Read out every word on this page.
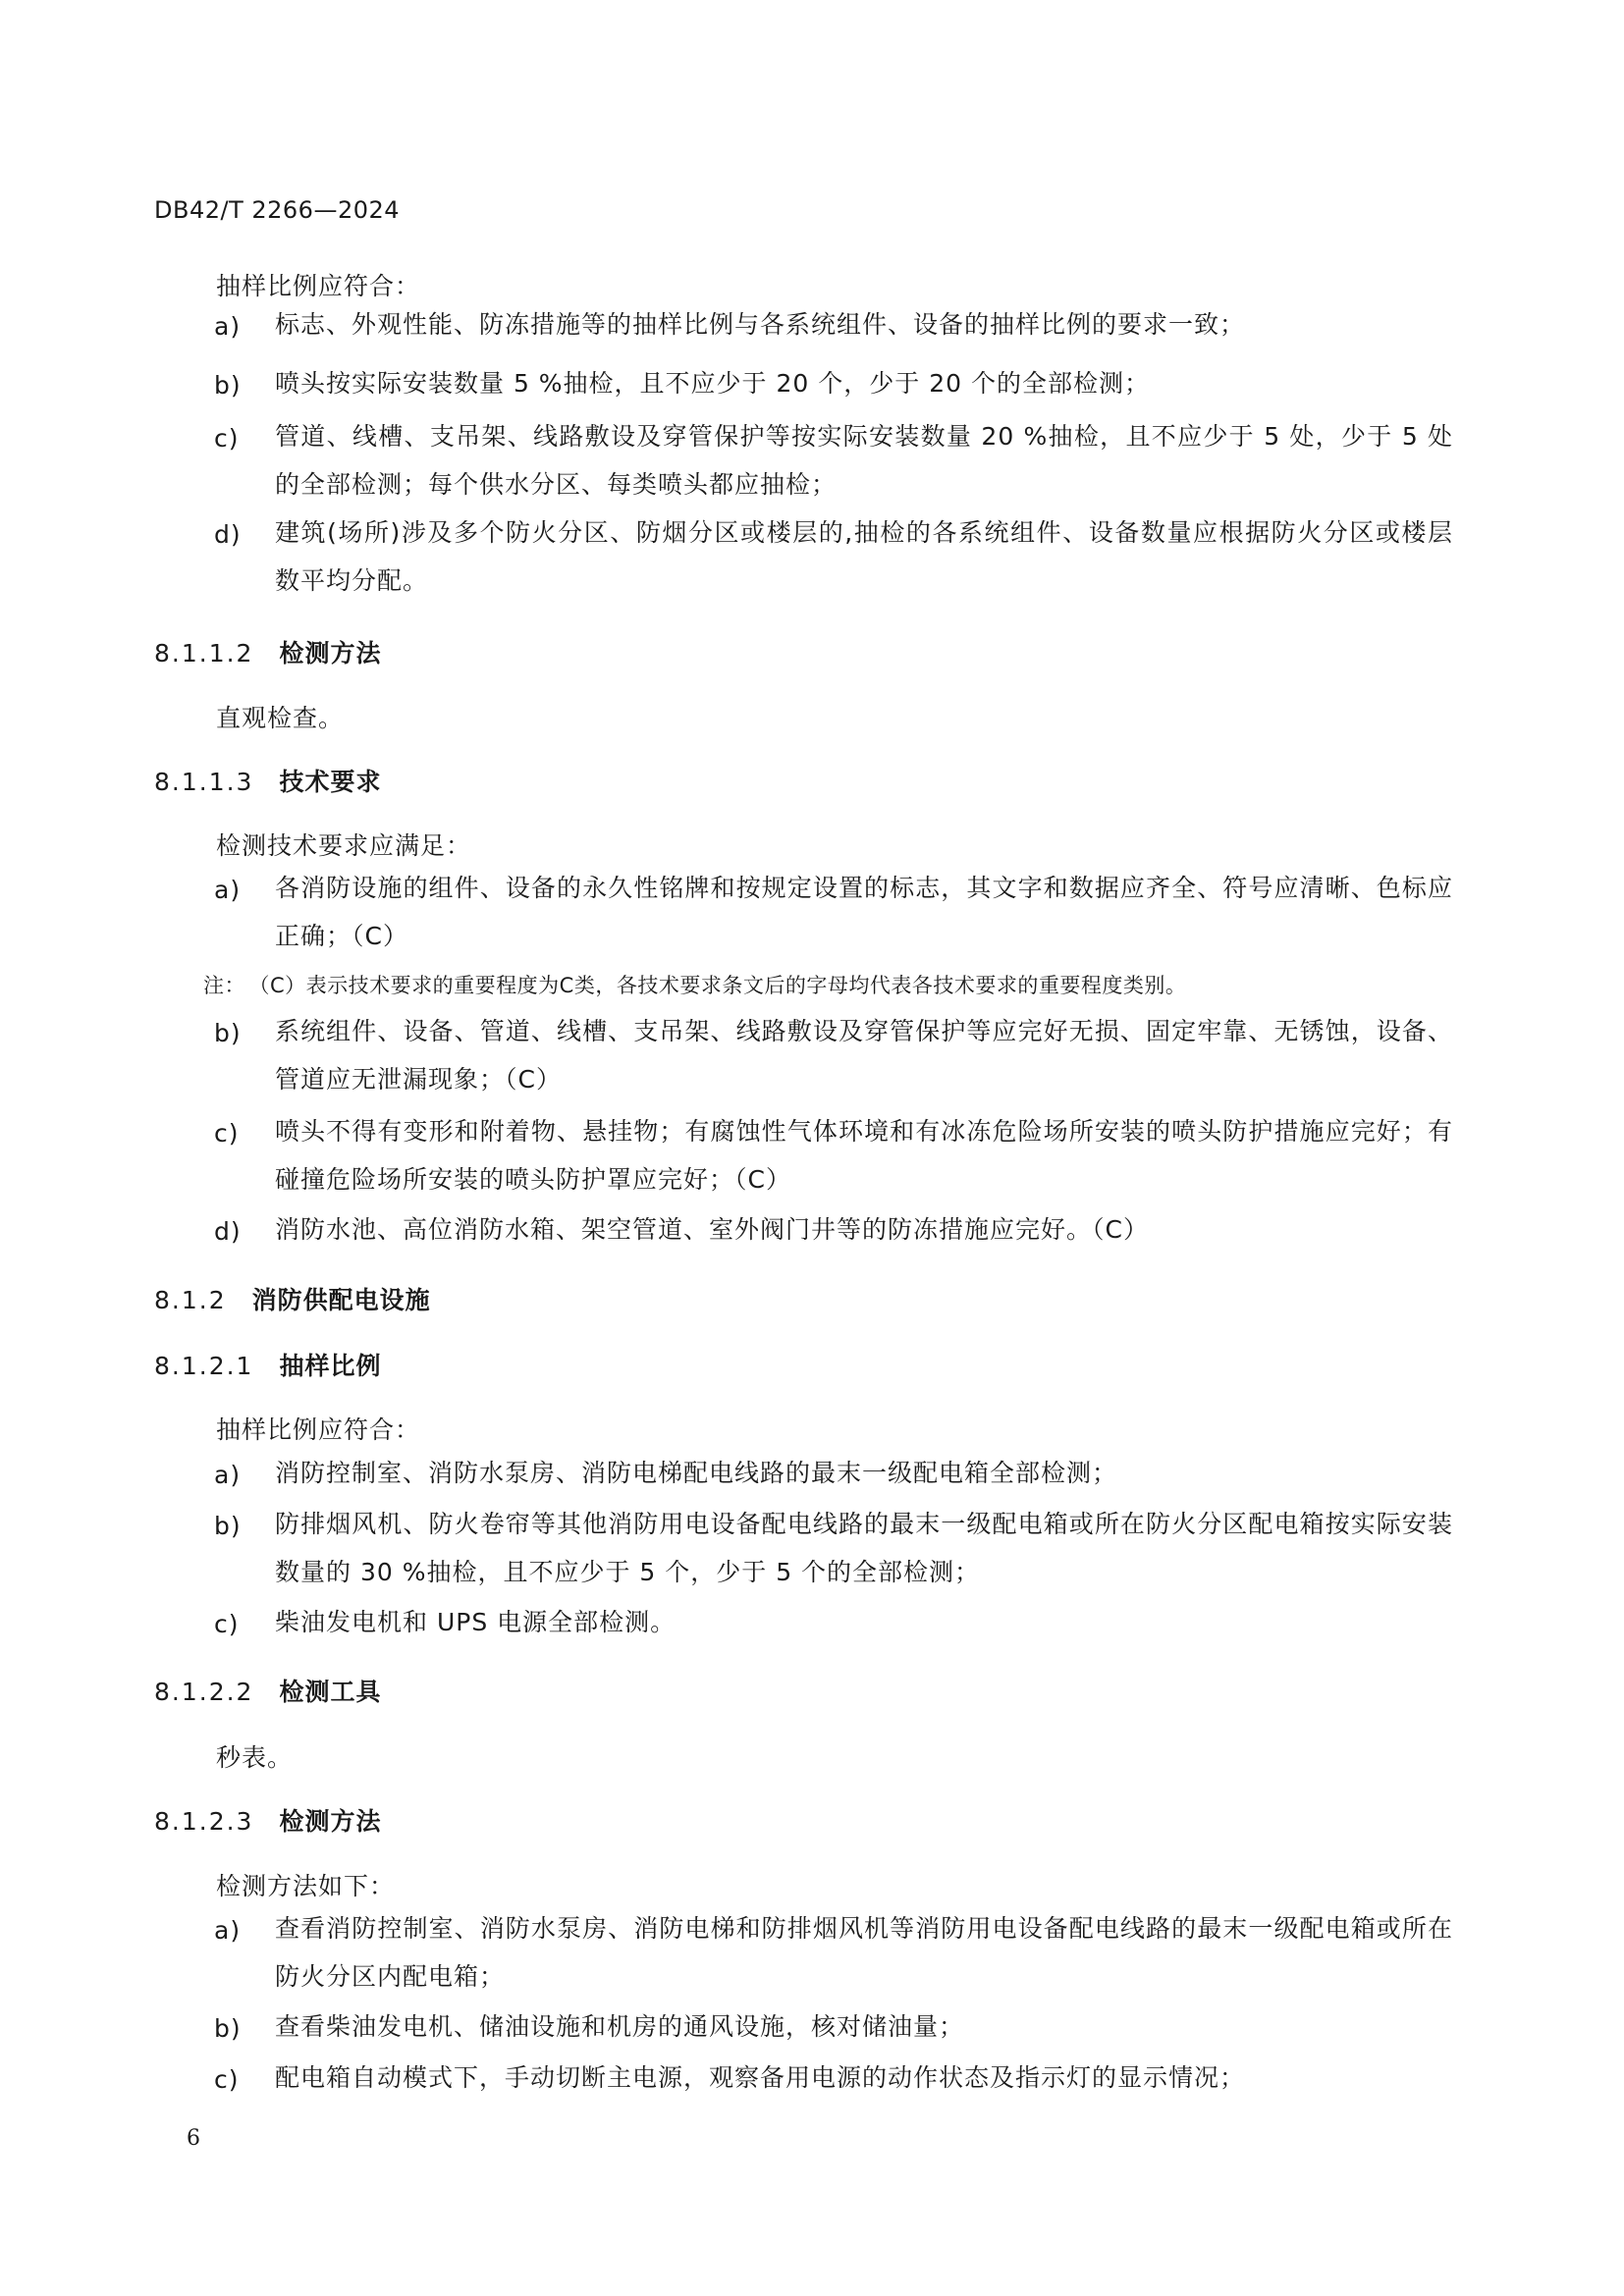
DB42/T 2266—2024
抽样比例应符合：
a) 标志、外观性能、防冻措施等的抽样比例与各系统组件、设备的抽样比例的要求一致；
b) 喷头按实际安装数量 5 %抽检，且不应少于 20 个，少于 20 个的全部检测；
c) 管道、线槽、支吊架、线路敷设及穿管保护等按实际安装数量 20 %抽检，且不应少于 5 处，少于 5 处的全部检测；每个供水分区、每类喷头都应抽检；
d) 建筑(场所)涉及多个防火分区、防烟分区或楼层的,抽检的各系统组件、设备数量应根据防火分区或楼层数平均分配。
8.1.1.2 检测方法
直观检查。
8.1.1.3 技术要求
检测技术要求应满足：
a) 各消防设施的组件、设备的永久性铭牌和按规定设置的标志，其文字和数据应齐全、符号应清晰、色标应正确；（C）
注： （C）表示技术要求的重要程度为C类，各技术要求条文后的字母均代表各技术要求的重要程度类别。
b) 系统组件、设备、管道、线槽、支吊架、线路敷设及穿管保护等应完好无损、固定牢靠、无锈蚀，设备、管道应无泄漏现象；（C）
c) 喷头不得有变形和附着物、悬挂物；有腐蚀性气体环境和有冰冻危险场所安装的喷头防护措施应完好；有碰撞危险场所安装的喷头防护罩应完好；（C）
d) 消防水池、高位消防水箱、架空管道、室外阀门井等的防冻措施应完好。（C）
8.1.2 消防供配电设施
8.1.2.1 抽样比例
抽样比例应符合：
a) 消防控制室、消防水泵房、消防电梯配电线路的最末一级配电箱全部检测；
b) 防排烟风机、防火卷帘等其他消防用电设备配电线路的最末一级配电箱或所在防火分区配电箱按实际安装数量的 30 %抽检，且不应少于 5 个，少于 5 个的全部检测；
c) 柴油发电机和 UPS 电源全部检测。
8.1.2.2 检测工具
秒表。
8.1.2.3 检测方法
检测方法如下：
a) 查看消防控制室、消防水泵房、消防电梯和防排烟风机等消防用电设备配电线路的最末一级配电箱或所在防火分区内配电箱；
b) 查看柴油发电机、储油设施和机房的通风设施，核对储油量；
c) 配电箱自动模式下，手动切断主电源，观察备用电源的动作状态及指示灯的显示情况；
6
